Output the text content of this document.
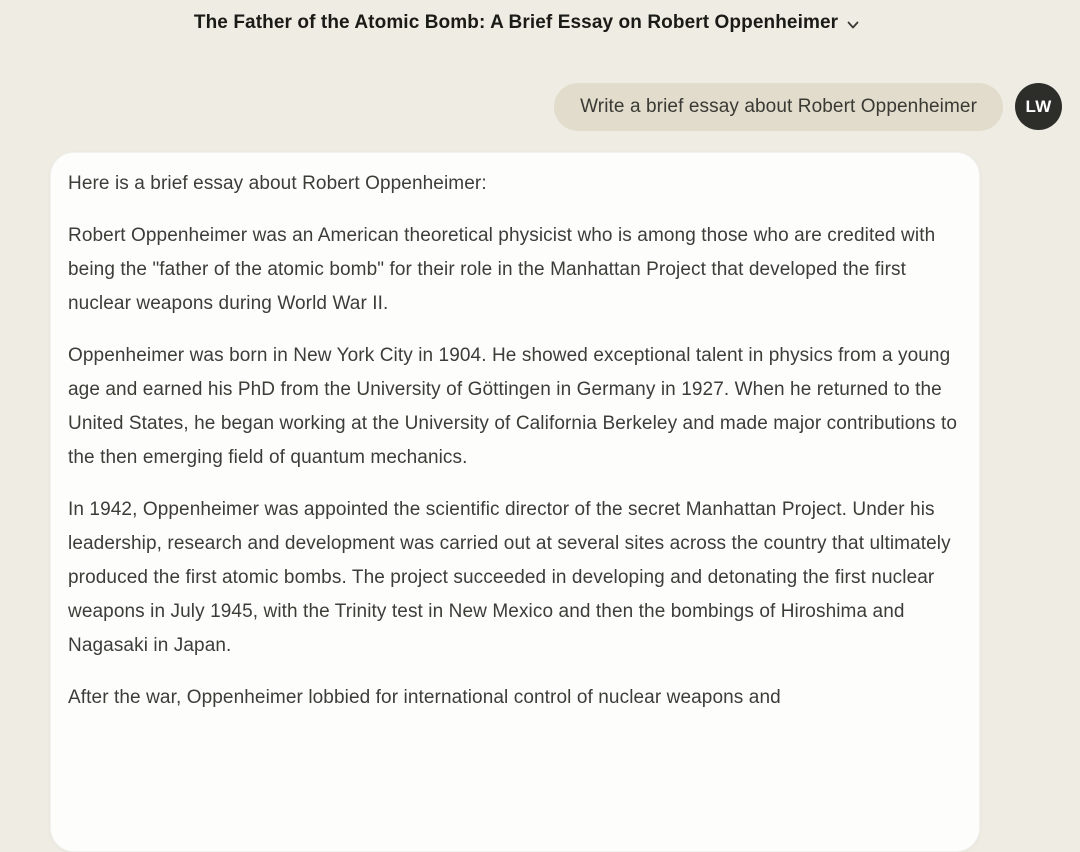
The Father of the Atomic Bomb: A Brief Essay on Robert Oppenheimer
Write a brief essay about Robert Oppenheimer	LW

Here is a brief essay about Robert Oppenheimer:

Robert Oppenheimer was an American theoretical physicist who is among those who are credited with being the "father of the atomic bomb" for their role in the Manhattan Project that developed the first nuclear weapons during World War II.

Oppenheimer was born in New York City in 1904. He showed exceptional talent in physics from a young age and earned his PhD from the University of Göttingen in Germany in 1927. When he returned to the United States, he began working at the University of California Berkeley and made major contributions to the then emerging field of quantum mechanics.

In 1942, Oppenheimer was appointed the scientific director of the secret Manhattan Project. Under his leadership, research and development was carried out at several sites across the country that ultimately produced the first atomic bombs. The project succeeded in developing and detonating the first nuclear weapons in July 1945, with the Trinity test in New Mexico and then the bombings of Hiroshima and Nagasaki in Japan.

After the war, Oppenheimer lobbied for international control of nuclear weapons and
